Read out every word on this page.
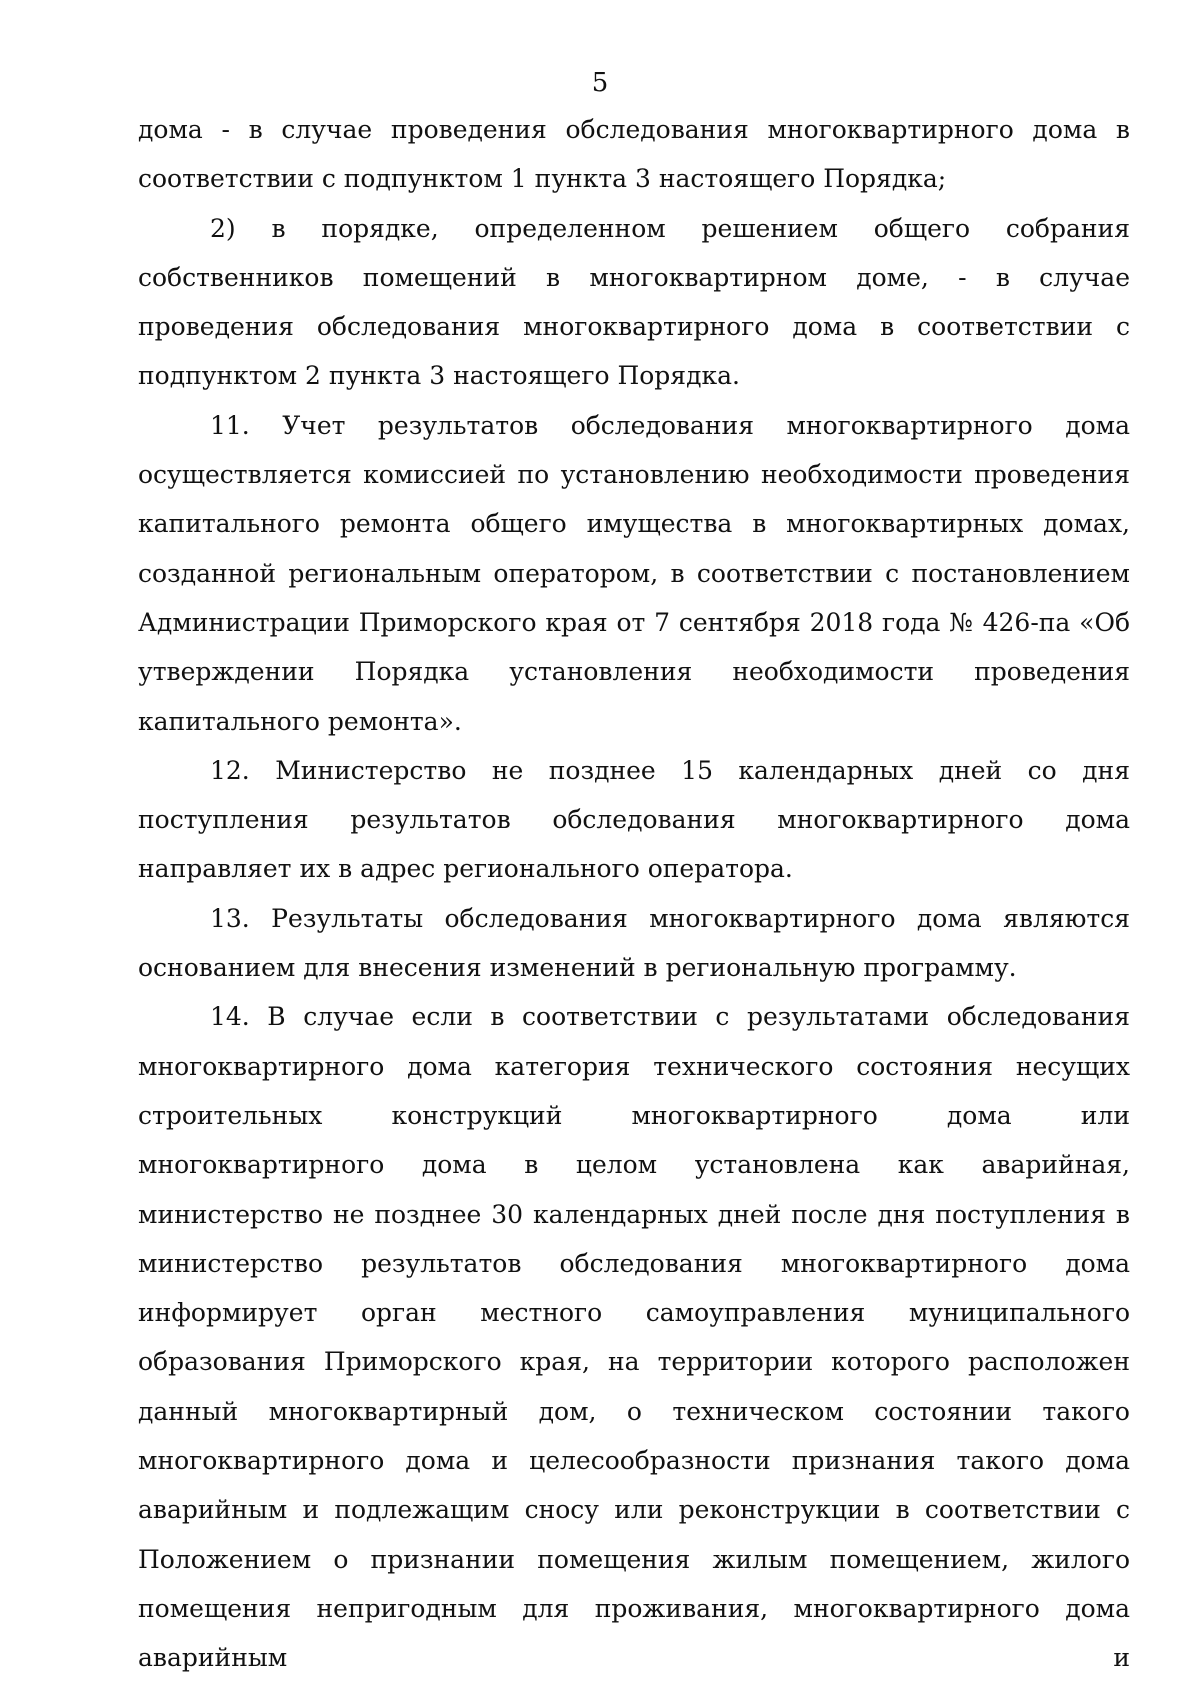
5

дома - в случае проведения обследования многоквартирного дома в соответствии с подпунктом 1 пункта 3 настоящего Порядка;

2) в порядке, определенном решением общего собрания собственников помещений в многоквартирном доме, - в случае проведения обследования многоквартирного дома в соответствии с подпунктом 2 пункта 3 настоящего Порядка.

11. Учет результатов обследования многоквартирного дома осуществляется комиссией по установлению необходимости проведения капитального ремонта общего имущества в многоквартирных домах, созданной региональным оператором, в соответствии с постановлением Администрации Приморского края от 7 сентября 2018 года № 426-па «Об утверждении Порядка установления необходимости проведения капитального ремонта».

12. Министерство не позднее 15 календарных дней со дня поступления результатов обследования многоквартирного дома направляет их в адрес регионального оператора.

13. Результаты обследования многоквартирного дома являются основанием для внесения изменений в региональную программу.

14. В случае если в соответствии с результатами обследования многоквартирного дома категория технического состояния несущих строительных конструкций многоквартирного дома или многоквартирного дома в целом установлена как аварийная, министерство не позднее 30 календарных дней после дня поступления в министерство результатов обследования многоквартирного дома информирует орган местного самоуправления муниципального образования Приморского края, на территории которого расположен данный многоквартирный дом, о техническом состоянии такого многоквартирного дома и целесообразности признания такого дома аварийным и подлежащим сносу или реконструкции в соответствии с Положением о признании помещения жилым помещением, жилого помещения непригодным для проживания, многоквартирного дома аварийным и
